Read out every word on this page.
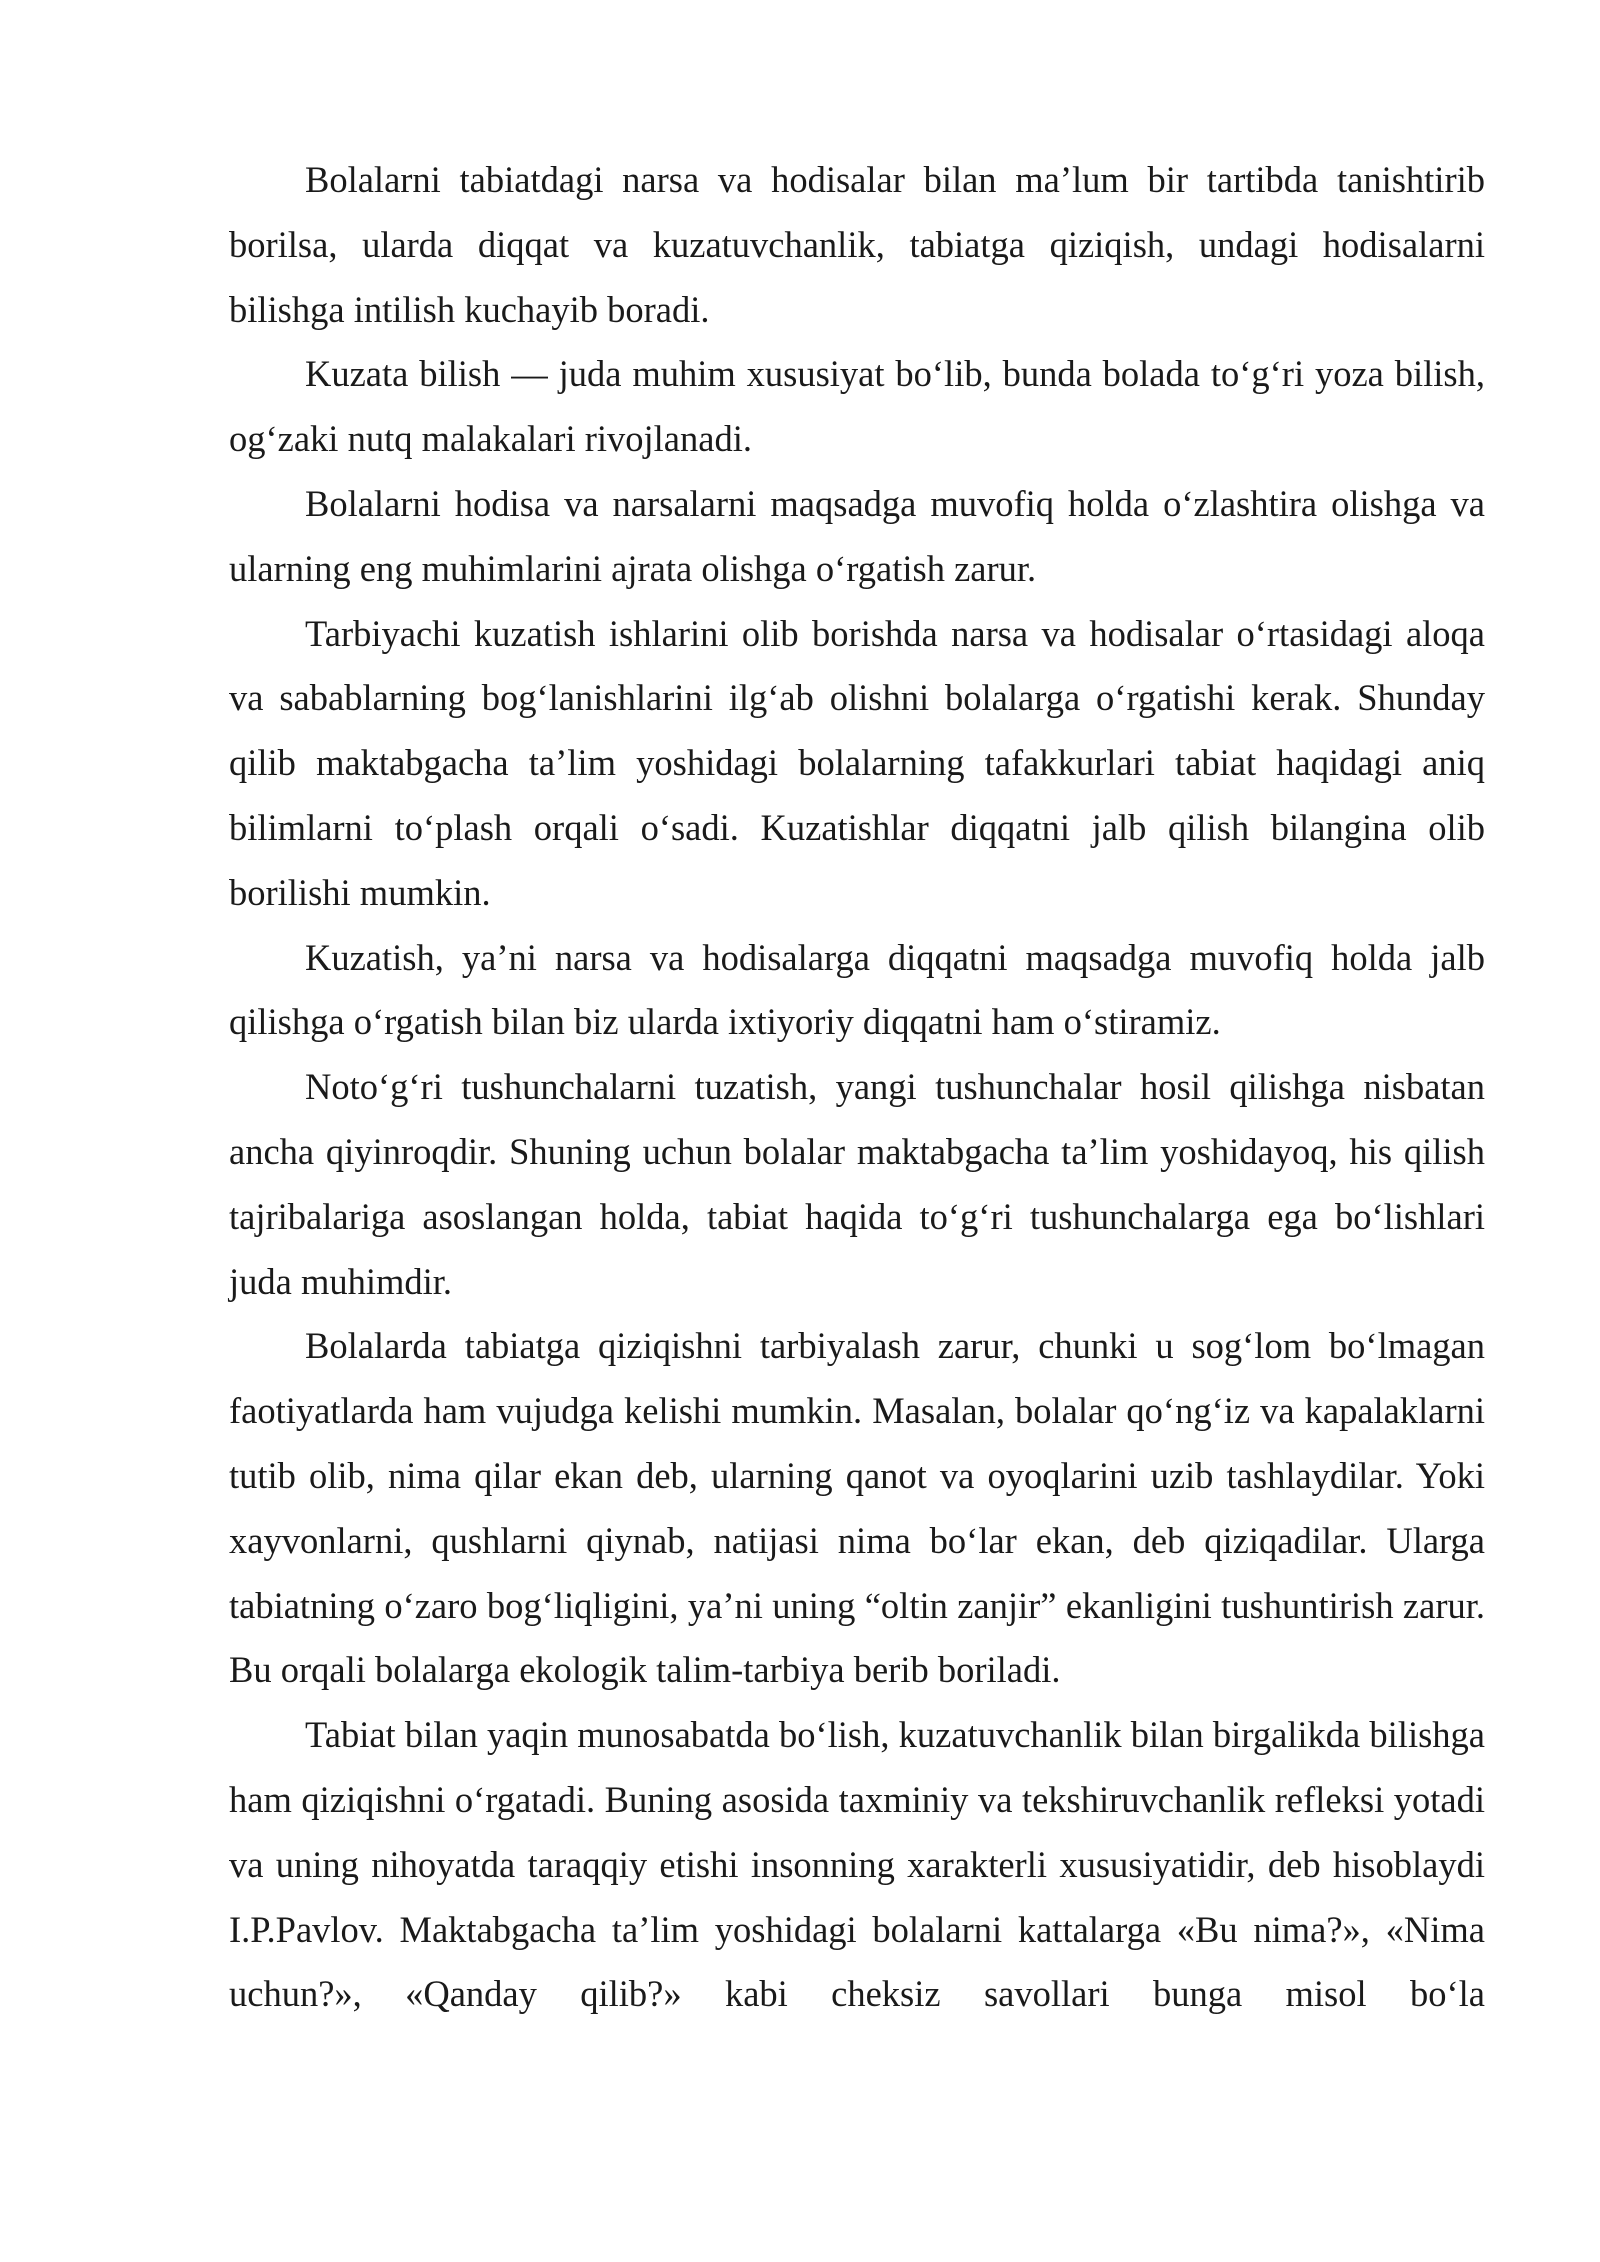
Bolalarni tabiatdagi narsa va hodisalar bilan ma’lum bir tartibda tanishtirib borilsa, ularda diqqat va kuzatuvchanlik, tabiatga qiziqish, undagi hodisalarni bilishga intilish kuchayib boradi.

Kuzata bilish — juda muhim xususiyat bo‘lib, bunda bolada to‘g‘ri yoza bilish, og‘zaki nutq malakalari rivojlanadi.

Bolalarni hodisa va narsalarni maqsadga muvofiq holda o‘zlashtira olishga va ularning eng muhimlarini ajrata olishga o‘rgatish zarur.

Tarbiyachi kuzatish ishlarini olib borishda narsa va hodisalar o‘rtasidagi aloqa va sabablarning bog‘lanishlarini ilg‘ab olishni bolalarga o‘rgatishi kerak. Shunday qilib maktabgacha ta’lim yoshidagi bolalarning tafakkurlari tabiat haqidagi aniq bilimlarni to‘plash orqali o‘sadi. Kuzatishlar diqqatni jalb qilish bilangina olib borilishi mumkin.

Kuzatish, ya’ni narsa va hodisalarga diqqatni maqsadga muvofiq holda jalb qilishga o‘rgatish bilan biz ularda ixtiyoriy diqqatni ham o‘stiramiz.

Noto‘g‘ri tushunchalarni tuzatish, yangi tushunchalar hosil qilishga nisbatan ancha qiyinroqdir. Shuning uchun bolalar maktabgacha ta’lim yoshidayoq, his qilish tajribalariga asoslangan holda, tabiat haqida to‘g‘ri tushunchalarga ega bo‘lishlari juda muhimdir.

Bolalarda tabiatga qiziqishni tarbiyalash zarur, chunki u sog‘lom bo‘lmagan faotiyatlarda ham vujudga kelishi mumkin. Masalan, bolalar qo‘ng‘iz va kapalaklarni tutib olib, nima qilar ekan deb, ularning qanot va oyoqlarini uzib tashlaydilar. Yoki xayvonlarni, qushlarni qiynab, natijasi nima bo‘lar ekan, deb qiziqadilar. Ularga tabiatning o‘zaro bog‘liqligini, ya’ni uning “oltin zanjir” ekanligini tushuntirish zarur. Bu orqali bolalarga ekologik talim-tarbiya berib boriladi.

Tabiat bilan yaqin munosabatda bo‘lish, kuzatuvchanlik bilan birgalikda bilishga ham qiziqishni o‘rgatadi. Buning asosida taxminiy va tekshiruvchanlik refleksi yotadi va uning nihoyatda taraqqiy etishi insonning xarakterli xususiyatidir, deb hisoblaydi I.P.Pavlov. Maktabgacha ta’lim yoshidagi bolalarni kattalarga «Bu nima?», «Nima uchun?», «Qanday qilib?» kabi cheksiz savollari bunga misol bo‘la
